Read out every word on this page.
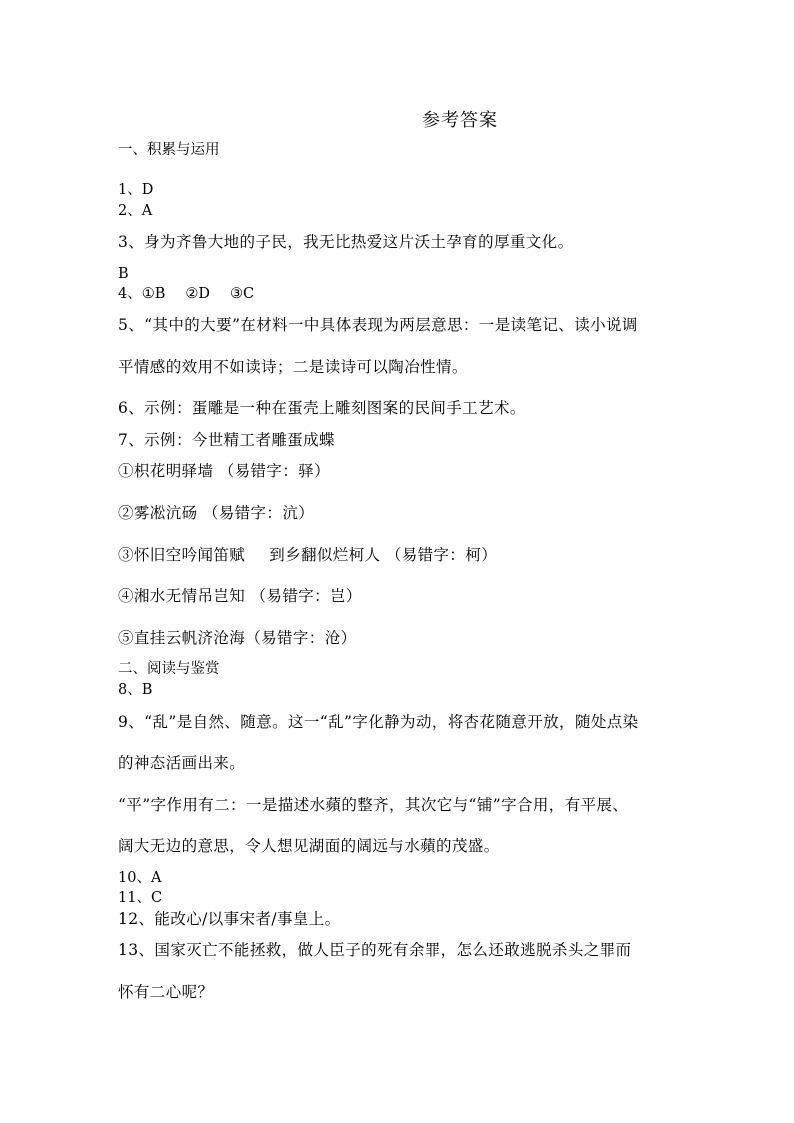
参考答案
一、积累与运用
1、D
2、A
3、身为齐鲁大地的子民，我无比热爱这片沃土孕育的厚重文化。
B
4、①B ②D ③C
5、“其中的大要”在材料一中具体表现为两层意思：一是读笔记、读小说调
平情感的效用不如读诗；二是读诗可以陶冶性情。
6、示例：蛋雕是一种在蛋壳上雕刻图案的民间手工艺术。
7、示例：今世精工者雕蛋成蝶
①枳花明驿墙 （易错字：驿）
②雾凇沆砀 （易错字：沆）
③怀旧空吟闻笛赋 到乡翻似烂柯人 （易错字：柯）
④湘水无情吊岂知 （易错字：岂）
⑤直挂云帆济沧海（易错字：沧）
二、阅读与鉴赏
8、B
9、“乱”是自然、随意。这一“乱”字化静为动，将杏花随意开放，随处点染
的神态活画出来。
“平”字作用有二：一是描述水蘋的整齐，其次它与“铺”字合用，有平展、
阔大无边的意思，令人想见湖面的阔远与水蘋的茂盛。
10、A
11、C
12、能改心/以事宋者/事皇上。
13、国家灭亡不能拯救，做人臣子的死有余罪，怎么还敢逃脱杀头之罪而
怀有二心呢？
